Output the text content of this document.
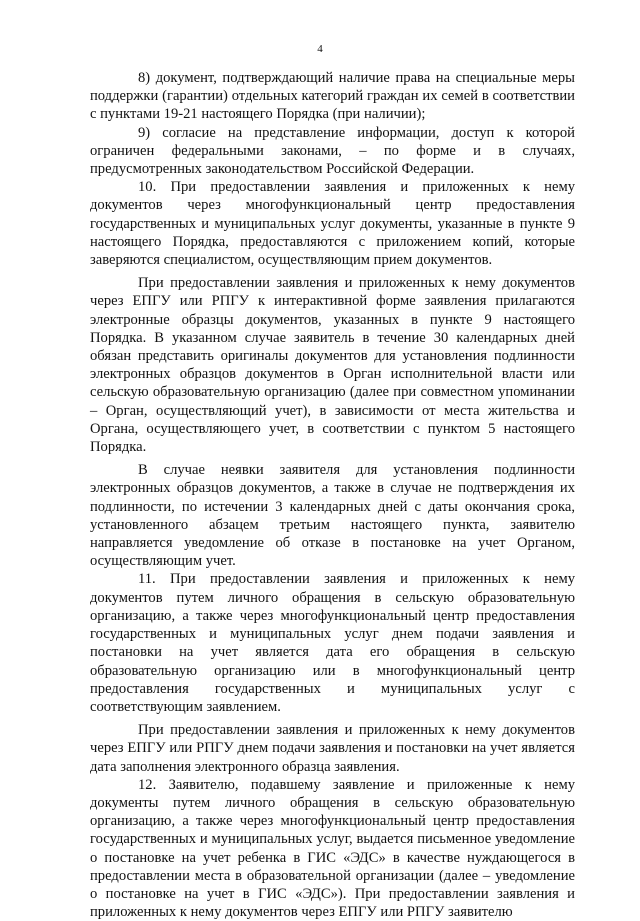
4

8) документ, подтверждающий наличие права на специальные меры поддержки (гарантии) отдельных категорий граждан их семей в соответствии с пунктами 19-21 настоящего Порядка (при наличии);

9) согласие на представление информации, доступ к которой ограничен федеральными законами, – по форме и в случаях, предусмотренных законодательством Российской Федерации.

10. При предоставлении заявления и приложенных к нему документов через многофункциональный центр предоставления государственных и муниципальных услуг документы, указанные в пункте 9 настоящего Порядка, предоставляются с приложением копий, которые заверяются специалистом, осуществляющим прием документов.

При предоставлении заявления и приложенных к нему документов через ЕПГУ или РПГУ к интерактивной форме заявления прилагаются электронные образцы документов, указанных в пункте 9 настоящего Порядка. В указанном случае заявитель в течение 30 календарных дней обязан представить оригиналы документов для установления подлинности электронных образцов документов в Орган исполнительной власти или сельскую образовательную организацию (далее при совместном упоминании – Орган, осуществляющий учет), в зависимости от места жительства и Органа, осуществляющего учет, в соответствии с пунктом 5 настоящего Порядка.

В случае неявки заявителя для установления подлинности электронных образцов документов, а также в случае не подтверждения их подлинности, по истечении 3 календарных дней с даты окончания срока, установленного абзацем третьим настоящего пункта, заявителю направляется уведомление об отказе в постановке на учет Органом, осуществляющим учет.

11. При предоставлении заявления и приложенных к нему документов путем личного обращения в сельскую образовательную организацию, а также через многофункциональный центр предоставления государственных и муниципальных услуг днем подачи заявления и постановки на учет является дата его обращения в сельскую образовательную организацию или в многофункциональный центр предоставления государственных и муниципальных услуг с соответствующим заявлением.

При предоставлении заявления и приложенных к нему документов через ЕПГУ или РПГУ днем подачи заявления и постановки на учет является дата заполнения электронного образца заявления.

12. Заявителю, подавшему заявление и приложенные к нему документы путем личного обращения в сельскую образовательную организацию, а также через многофункциональный центр предоставления государственных и муниципальных услуг, выдается письменное уведомление о постановке на учет ребенка в ГИС «ЭДС» в качестве нуждающегося в предоставлении места в образовательной организации (далее – уведомление о постановке на учет в ГИС «ЭДС»). При предоставлении заявления и приложенных к нему документов через ЕПГУ или РПГУ заявителю
